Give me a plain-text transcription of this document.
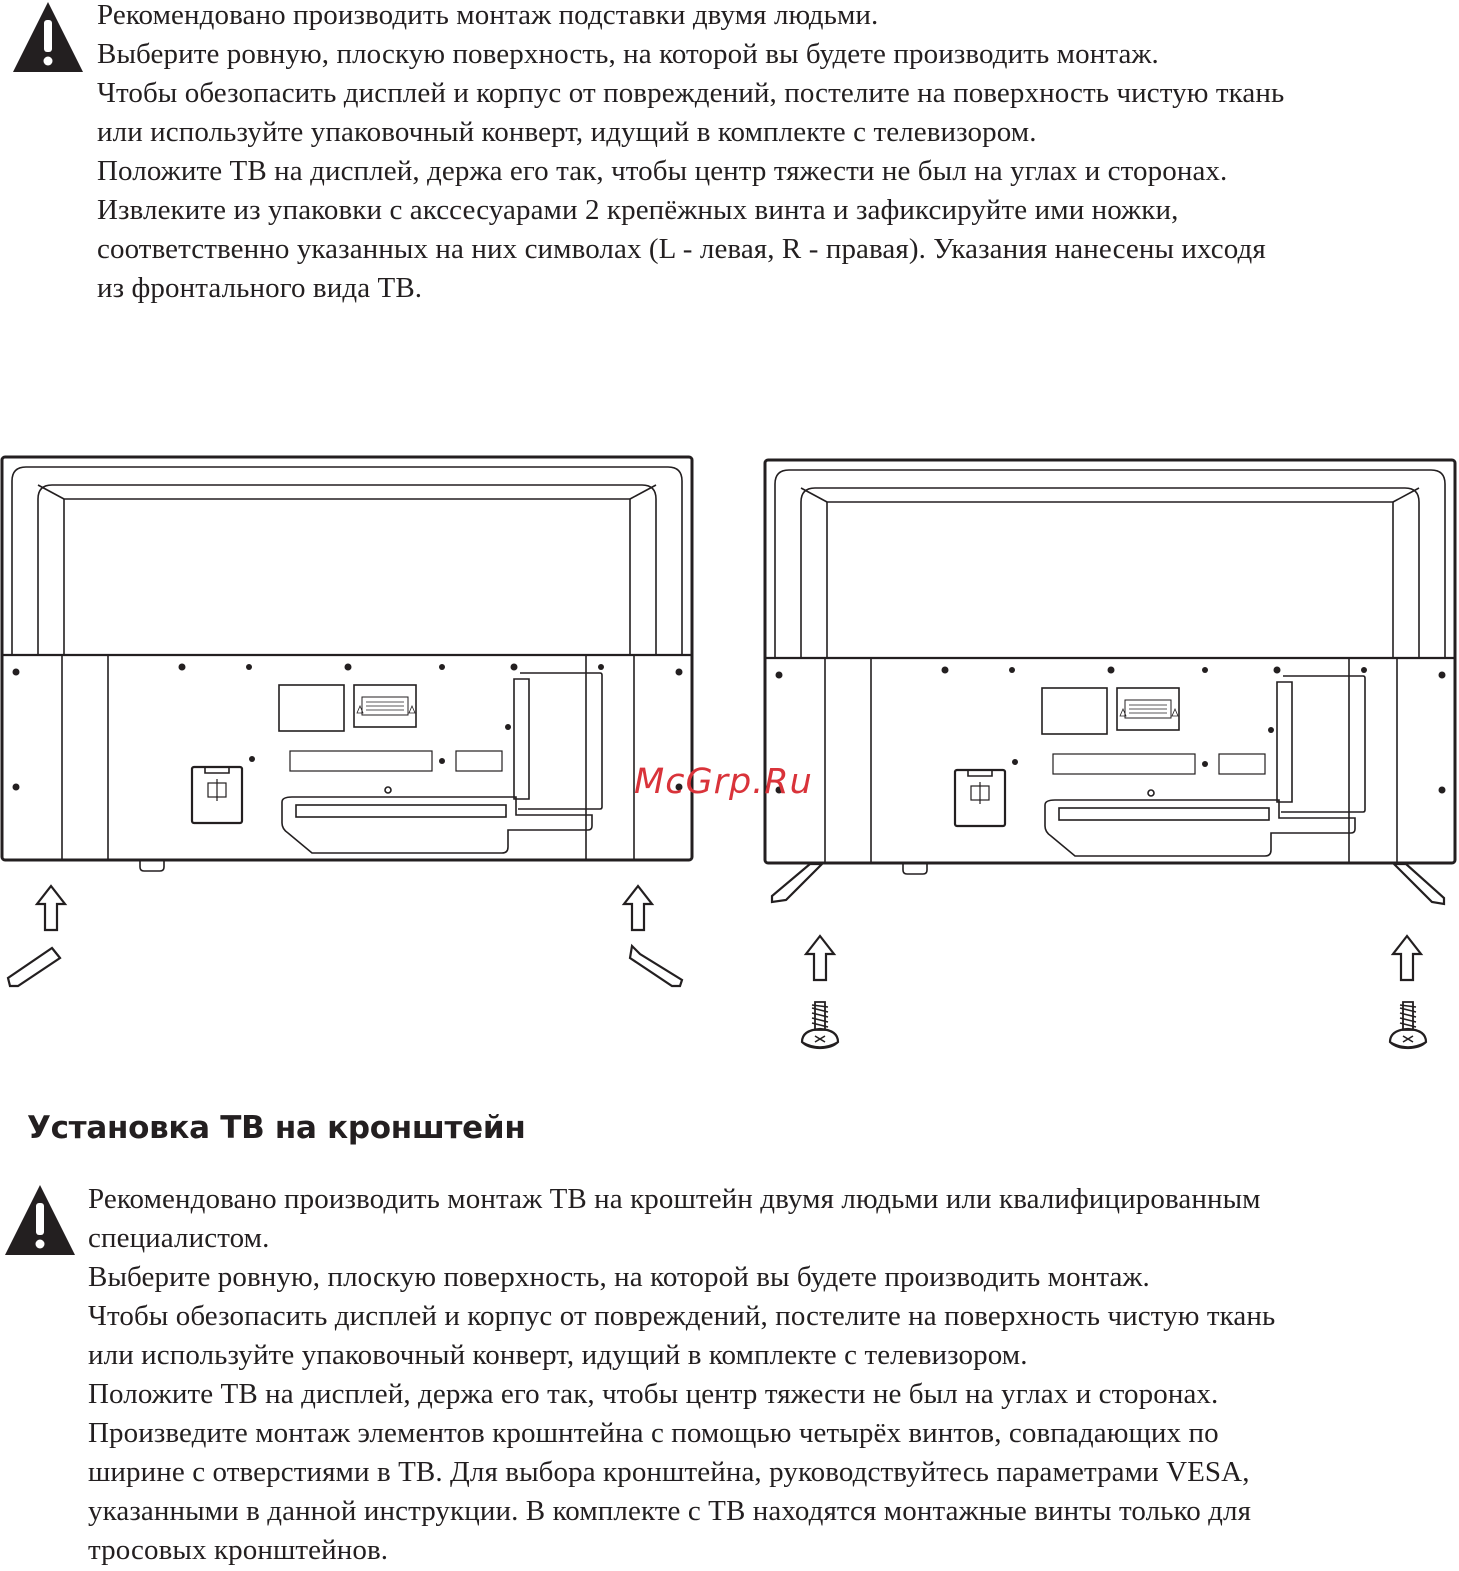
Рекомендовано производить монтаж подставки двумя людьми.
Выберите ровную, плоскую поверхность, на которой вы будете производить монтаж.
Чтобы обезопасить дисплей и корпус от повреждений, постелите на поверхность чистую ткань
или используйте упаковочный конверт, идущий в комплекте с телевизором.
Положите ТВ на дисплей, держа его так, чтобы центр тяжести не был на углах и сторонах.
Извлеките из упаковки с акссесуарами 2 крепёжных винта и зафиксируйте ими ножки,
соответственно указанных на них символах (L - левая, R - правая). Указания нанесены ихсодя
из фронтального вида ТВ.
McGrp.Ru
Установка ТВ на кронштейн
Рекомендовано производить монтаж ТВ на кроштейн двумя людьми или квалифицированным
специалистом.
Выберите ровную, плоскую поверхность, на которой вы будете производить монтаж.
Чтобы обезопасить дисплей и корпус от повреждений, постелите на поверхность чистую ткань
или используйте упаковочный конверт, идущий в комплекте с телевизором.
Положите ТВ на дисплей, держа его так, чтобы центр тяжести не был на углах и сторонах.
Произведите монтаж элементов крошнтейна с помощью четырёх винтов, совпадающих по
ширине с отверстиями в ТВ. Для выбора кронштейна, руководствуйтесь параметрами VESA,
указанными в данной инструкции. В комплекте с ТВ находятся монтажные винты только для
тросовых кронштейнов.
